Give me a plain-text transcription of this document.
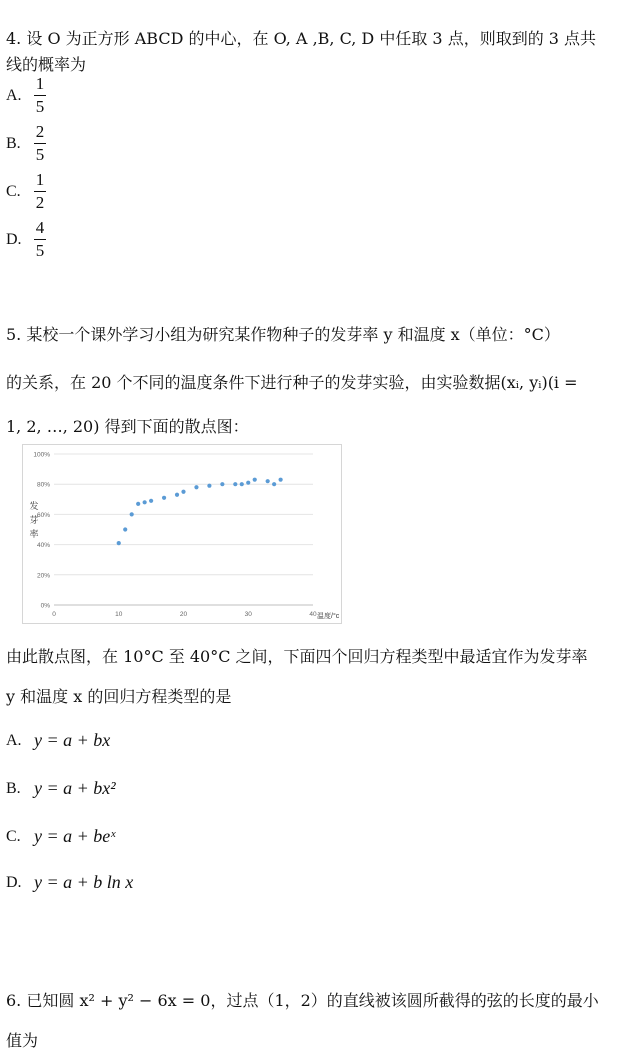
4. 设 O 为正方形 ABCD 的中心，在 O, A ,B, C, D 中任取 3 点，则取到的 3 点共
线的概率为
A. $\frac{1}{5}$
B. $\frac{2}{5}$
C. $\frac{1}{2}$
D. $\frac{4}{5}$
5. 某校一个课外学习小组为研究某作物种子的发芽率 y 和温度 x（单位：°C）
的关系，在 20 个不同的温度条件下进行种子的发芽实验，由实验数据(xᵢ, yᵢ)(i =
1, 2, …, 20) 得到下面的散点图：
0%
20%
40%
60%
80%
100%
0	10	20	30	40
发
芽
率
温度/°c
由此散点图，在 10°C 至 40°C 之间，下面四个回归方程类型中最适宜作为发芽率
y 和温度 x 的回归方程类型的是
A. y = a + bx
B. y = a + bx²
C. y = a + beˣ
D. y = a + b ln x
6. 已知圆 x² + y² − 6x = 0，过点（1，2）的直线被该圆所截得的弦的长度的最小
值为
